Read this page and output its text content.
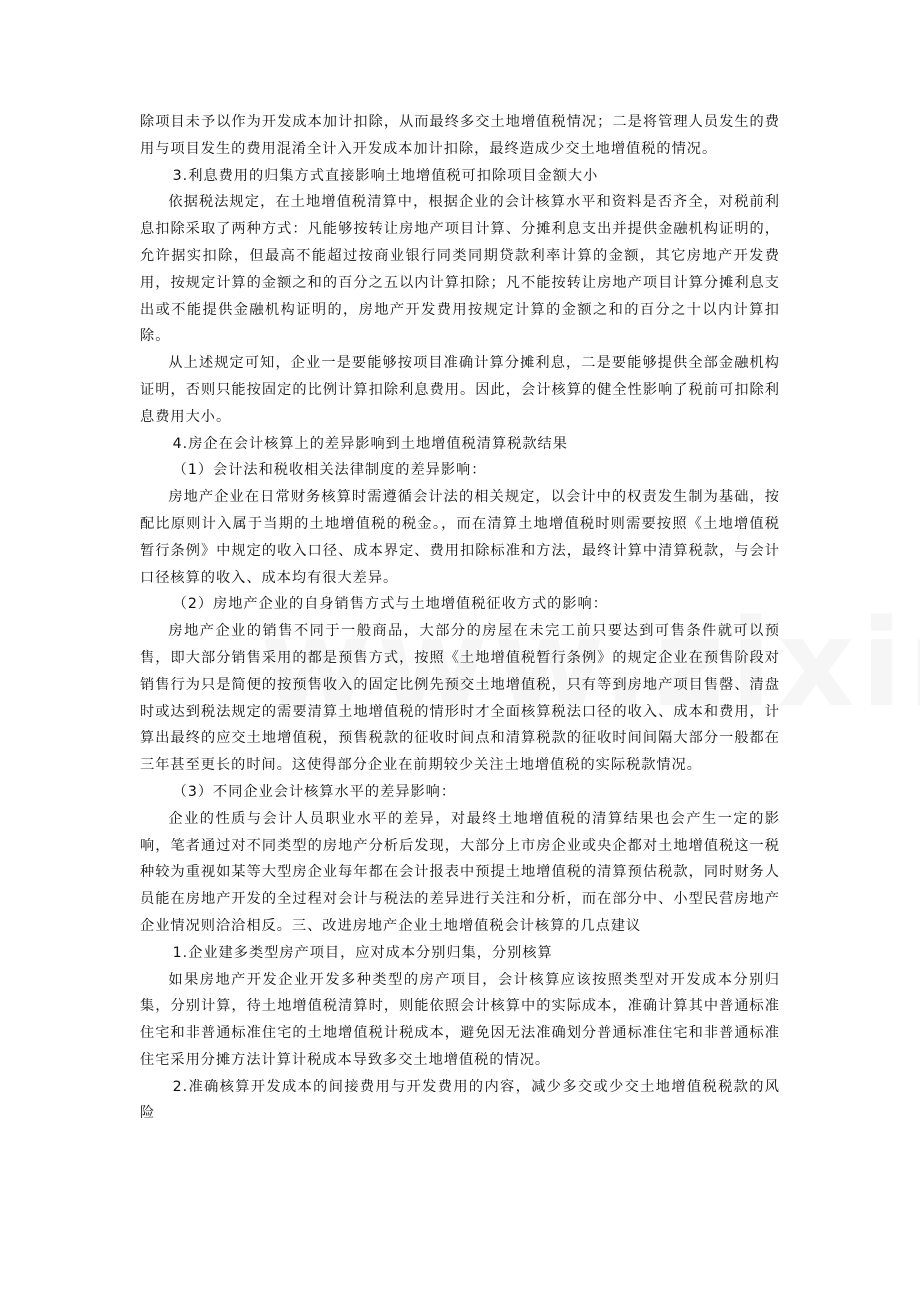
除项目未予以作为开发成本加计扣除，从而最终多交土地增值税情况；二是将管理人员发生的费用与项目发生的费用混淆全计入开发成本加计扣除，最终造成少交土地增值税的情况。

3.利息费用的归集方式直接影响土地增值税可扣除项目金额大小

依据税法规定，在土地增值税清算中，根据企业的会计核算水平和资料是否齐全，对税前利息扣除采取了两种方式：凡能够按转让房地产项目计算、分摊利息支出并提供金融机构证明的，允许据实扣除，但最高不能超过按商业银行同类同期贷款利率计算的金额，其它房地产开发费用，按规定计算的金额之和的百分之五以内计算扣除；凡不能按转让房地产项目计算分摊利息支出或不能提供金融机构证明的，房地产开发费用按规定计算的金额之和的百分之十以内计算扣除。

从上述规定可知，企业一是要能够按项目准确计算分摊利息，二是要能够提供全部金融机构证明，否则只能按固定的比例计算扣除利息费用。因此，会计核算的健全性影响了税前可扣除利息费用大小。

4.房企在会计核算上的差异影响到土地增值税清算税款结果

（1）会计法和税收相关法律制度的差异影响：

房地产企业在日常财务核算时需遵循会计法的相关规定，以会计中的权责发生制为基础，按配比原则计入属于当期的土地增值税的税金。，而在清算土地增值税时则需要按照《土地增值税暂行条例》中规定的收入口径、成本界定、费用扣除标准和方法，最终计算中清算税款，与会计口径核算的收入、成本均有很大差异。

（2）房地产企业的自身销售方式与土地增值税征收方式的影响：

房地产企业的销售不同于一般商品，大部分的房屋在未完工前只要达到可售条件就可以预售，即大部分销售采用的都是预售方式，按照《土地增值税暂行条例》的规定企业在预售阶段对销售行为只是简便的按预售收入的固定比例先预交土地增值税，只有等到房地产项目售罄、清盘时或达到税法规定的需要清算土地增值税的情形时才全面核算税法口径的收入、成本和费用，计算出最终的应交土地增值税，预售税款的征收时间点和清算税款的征收时间间隔大部分一般都在三年甚至更长的时间。这使得部分企业在前期较少关注土地增值税的实际税款情况。

（3）不同企业会计核算水平的差异影响：

企业的性质与会计人员职业水平的差异，对最终土地增值税的清算结果也会产生一定的影响，笔者通过对不同类型的房地产分析后发现，大部分上市房企业或央企都对土地增值税这一税种较为重视如某等大型房企业每年都在会计报表中预提土地增值税的清算预估税款，同时财务人员能在房地产开发的全过程对会计与税法的差异进行关注和分析，而在部分中、小型民营房地产企业情况则洽洽相反。三、改进房地产企业土地增值税会计核算的几点建议

1.企业建多类型房产项目，应对成本分别归集，分别核算

如果房地产开发企业开发多种类型的房产项目，会计核算应该按照类型对开发成本分别归集，分别计算，待土地增值税清算时，则能依照会计核算中的实际成本，准确计算其中普通标准住宅和非普通标准住宅的土地增值税计税成本，避免因无法准确划分普通标准住宅和非普通标准住宅采用分摊方法计算计税成本导致多交土地增值税的情况。

2.准确核算开发成本的间接费用与开发费用的内容，减少多交或少交土地增值税税款的风险
